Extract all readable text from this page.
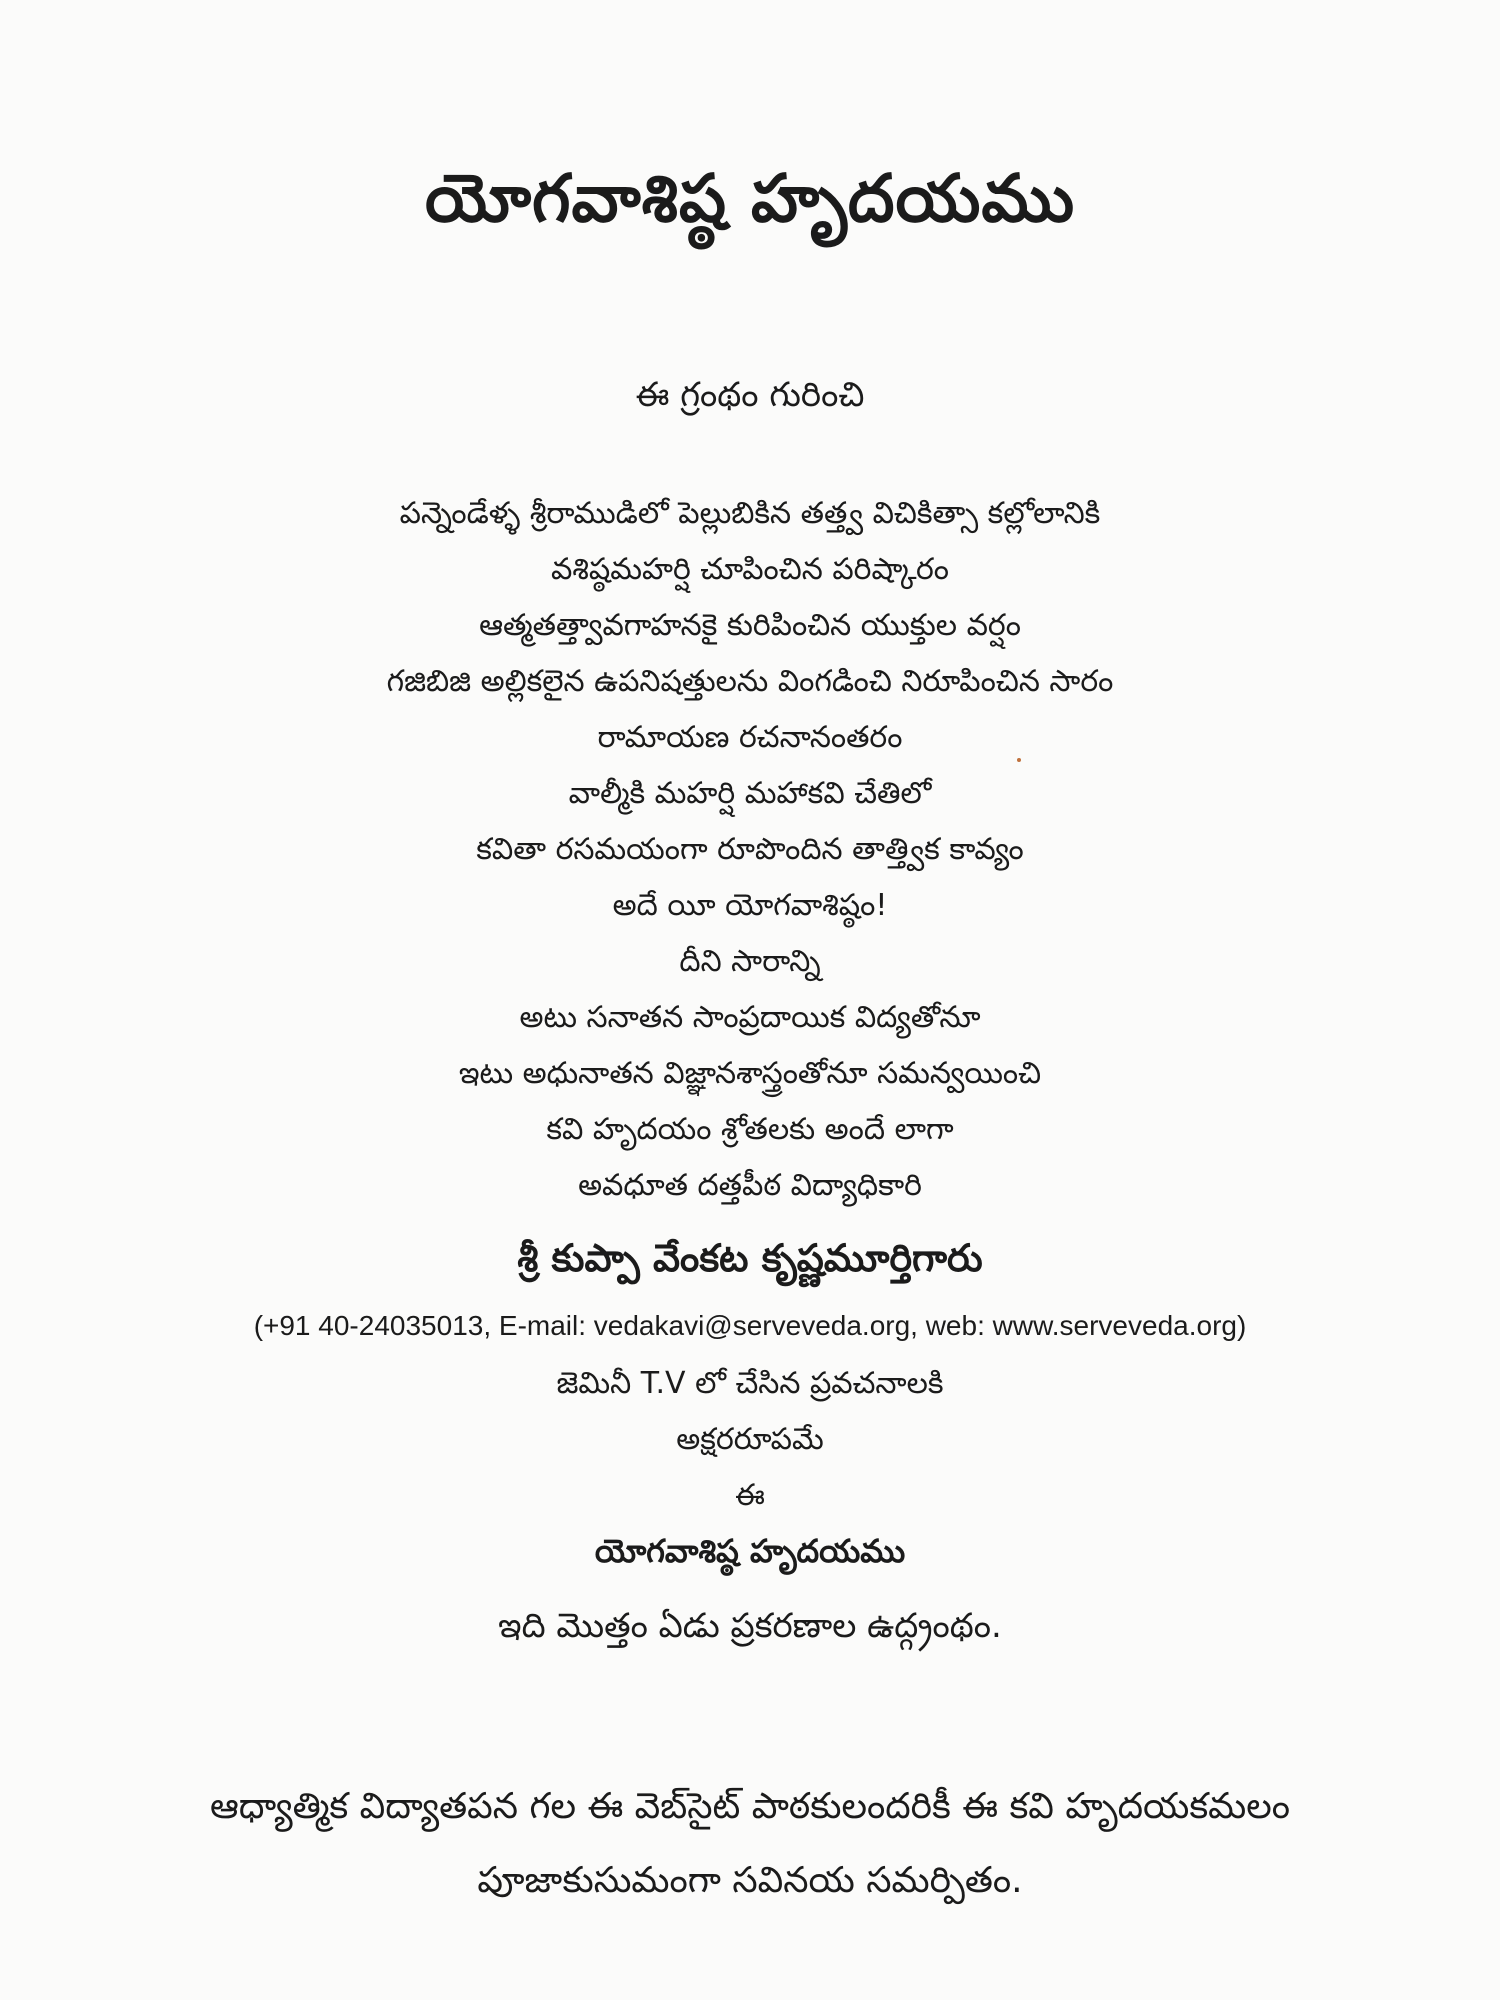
యోగవాశిష్ఠ హృదయము
ఈ గ్రంథం గురించి
పన్నెండేళ్ళ శ్రీరాముడిలో పెల్లుబికిన తత్త్వ విచికిత్సా కల్లోలానికి
వశిష్ఠమహర్షి చూపించిన పరిష్కారం
ఆత్మతత్త్వావగాహనకై కురిపించిన యుక్తుల వర్షం
గజిబిజి అల్లికలైన ఉపనిషత్తులను వింగడించి నిరూపించిన సారం
రామాయణ రచనానంతరం
వాల్మీకి మహర్షి మహాకవి చేతిలో
కవితా రసమయంగా రూపొందిన తాత్త్విక కావ్యం
అదే యీ యోగవాశిష్ఠం!
దీని సారాన్ని
అటు సనాతన సాంప్రదాయిక విద్యతోనూ
ఇటు అధునాతన విజ్ఞానశాస్త్రంతోనూ సమన్వయించి
కవి హృదయం శ్రోతలకు అందే లాగా
అవధూత దత్తపీఠ విద్యాధికారి
శ్రీ కుప్పా వేంకట కృష్ణమూర్తిగారు
(+91 40-24035013, E-mail: vedakavi@serveveda.org, web: www.serveveda.org)
జెమినీ T.V లో చేసిన ప్రవచనాలకి
అక్షరరూపమే
ఈ
యోగవాశిష్ఠ హృదయము
ఇది మొత్తం ఏడు ప్రకరణాల ఉద్గ్రంథం.
ఆధ్యాత్మిక విద్యాతపన గల ఈ వెబ్‌సైట్ పాఠకులందరికీ ఈ కవి హృదయకమలం
పూజాకుసుమంగా సవినయ సమర్పితం.
